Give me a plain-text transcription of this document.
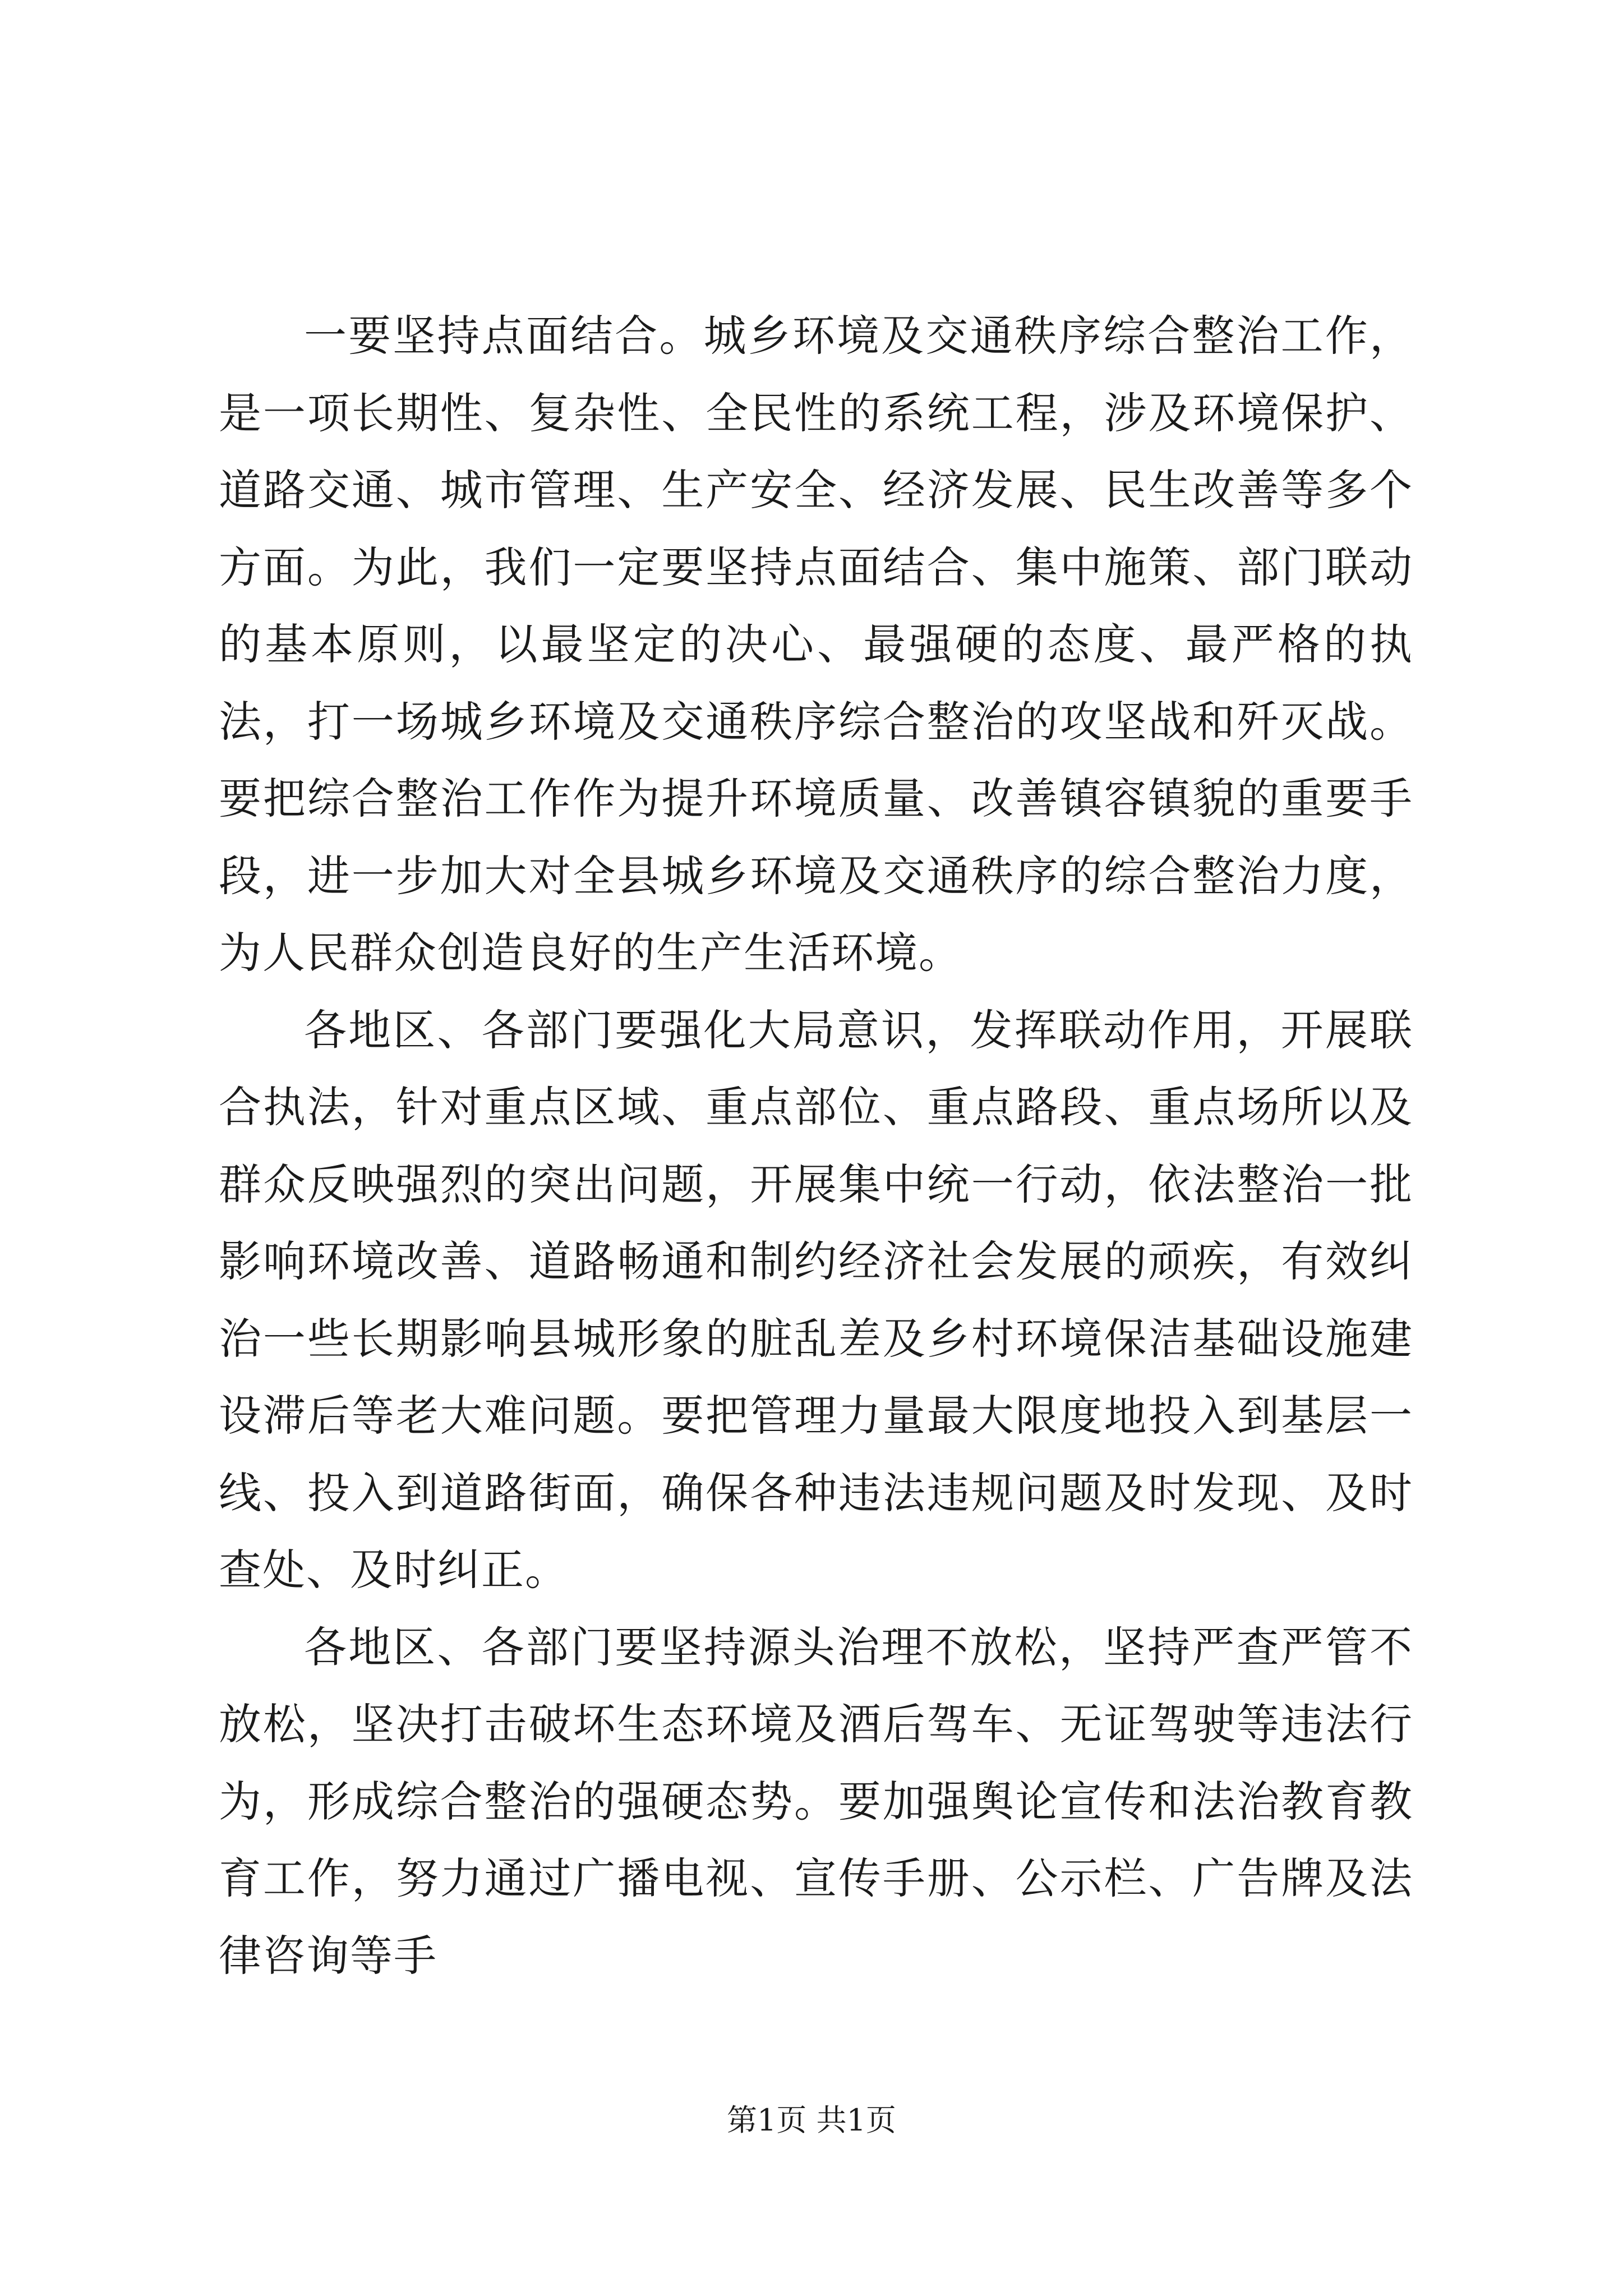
一要坚持点面结合。城乡环境及交通秩序综合整治工作，是一项长期性、复杂性、全民性的系统工程，涉及环境保护、道路交通、城市管理、生产安全、经济发展、民生改善等多个方面。为此，我们一定要坚持点面结合、集中施策、部门联动的基本原则，以最坚定的决心、最强硬的态度、最严格的执法，打一场城乡环境及交通秩序综合整治的攻坚战和歼灭战。要把综合整治工作作为提升环境质量、改善镇容镇貌的重要手段，进一步加大对全县城乡环境及交通秩序的综合整治力度，为人民群众创造良好的生产生活环境。

各地区、各部门要强化大局意识，发挥联动作用，开展联合执法，针对重点区域、重点部位、重点路段、重点场所以及群众反映强烈的突出问题，开展集中统一行动，依法整治一批影响环境改善、道路畅通和制约经济社会发展的顽疾，有效纠治一些长期影响县城形象的脏乱差及乡村环境保洁基础设施建设滞后等老大难问题。要把管理力量最大限度地投入到基层一线、投入到道路街面，确保各种违法违规问题及时发现、及时查处、及时纠正。

各地区、各部门要坚持源头治理不放松，坚持严查严管不放松，坚决打击破坏生态环境及酒后驾车、无证驾驶等违法行为，形成综合整治的强硬态势。要加强舆论宣传和法治教育教育工作，努力通过广播电视、宣传手册、公示栏、广告牌及法律咨询等手

第1页 共1页
